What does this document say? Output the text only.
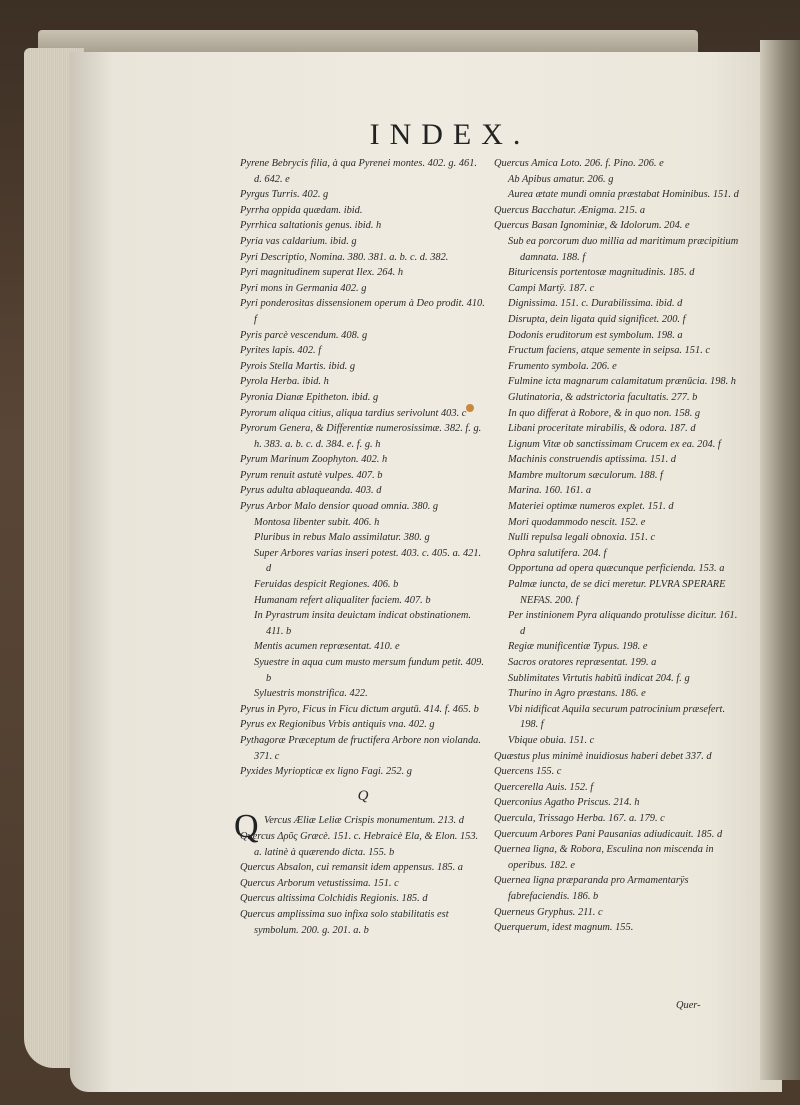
INDEX.
Pyrene Bebrycis filia, à qua Pyrenei montes. 402. g. 461. d. 642. e
Pyrgus Turris. 402. g
Pyrrha oppida quædam. ibid.
Pyrrhica saltationis genus. ibid. h
Pyria vas caldarium. ibid. g
Pyri Descriptio, Nomina. 380. 381. a. b. c. d. 382.
Pyri magnitudinem superat Ilex. 264. h
Pyri mons in Germania 402. g
Pyri ponderositas dissensionem operum à Deo prodit. 410. f
Pyris parcè vescendum. 408. g
Pyrites lapis. 402. f
Pyrois Stella Martis. ibid. g
Pyrola Herba. ibid. h
Pyronia Dianæ Epitheton. ibid. g
Pyrorum aliqua citius, aliqua tardius serivolunt 403. c
Pyrorum Genera, & Differentiæ numerosissimæ. 382. f. g. h. 383. a. b. c. d. 384. e. f. g. h
Pyrum Marinum Zoophyton. 402. h
Pyrum renuit astutè vulpes. 407. b
Pyrus adulta ablaqueanda. 403. d
Pyrus Arbor Malo densior quoad omnia. 380. g
Montosa libenter subit. 406. h
Pluribus in rebus Malo assimilatur. 380. g
Super Arbores varias inseri potest. 403. c. 405. a. 421. d
Feruidas despicit Regiones. 406. b
Humanam refert aliqualiter faciem. 407. b
In Pyrastrum insita deuictam indicat obstinationem. 411. b
Mentis acumen repræsentat. 410. e
Syuestre in aqua cum musto mersum fundum petit. 409. b
Syluestris monstrifica. 422.
Pyrus in Pyro, Ficus in Ficu dictum argutū. 414. f. 465. b
Pyrus ex Regionibus Vrbis antiquis vna. 402. g
Pythagoræ Præceptum de fructifera Arbore non violanda. 371. c
Pyxides Myriopticæ ex ligno Fagi. 252. g
Q
Q Vercus Æliæ Leliæ Crispis monumentum. 213. d
Quercus Δρῦς Græcè. 151. c. Hebraicè Ela, & Elon. 153. a. latinè à quærendo dicta. 155. b
Quercus Absalon, cui remansit idem appensus. 185. a
Quercus Arborum vetustissima. 151. c
Quercus altissima Colchidis Regionis. 185. d
Quercus amplissima suo infixa solo stabilitatis est symbolum. 200. g. 201. a. b
Quercus Amica Loto. 206. f. Pino. 206. e
Ab Apibus amatur. 206. g
Aurea ætate mundi omnia præstabat Hominibus. 151. d
Quercus Bacchatur. Ænigma. 215. a
Quercus Basan Ignominiæ, & Idolorum. 204. e
Sub ea porcorum duo millia ad maritimum præcipitium damnata. 188. f
Bituricensis portentosæ magnitudinis. 185. d
Campi Martÿ. 187. c
Dignissima. 151. c. Durabilissima. ibid. d
Disrupta, dein ligata quid significet. 200. f
Dodonis eruditorum est symbolum. 198. a
Fructum faciens, atque semente in seipsa. 151. c
Frumento symbola. 206. e
Fulmine icta magnarum calamitatum prænūcia. 198. h
Glutinatoria, & adstrictoria facultatis. 277. b
In quo differat à Robore, & in quo non. 158. g
Libani proceritate mirabilis, & odora. 187. d
Lignum Vitæ ob sanctissimam Crucem ex ea. 204. f
Machinis construendis aptissima. 151. d
Mambre multorum sæculorum. 188. f
Marina. 160. 161. a
Materiei optimæ numeros explet. 151. d
Mori quodammodo nescit. 152. e
Nulli repulsa legali obnoxia. 151. c
Ophra salutifera. 204. f
Opportuna ad opera quæcunque perficienda. 153. a
Palmæ iuncta, de se dici meretur. PLVRA SPERARE NEFAS. 200. f
Per instinionem Pyra aliquando protulisse dicitur. 161. d
Regiæ munificentiæ Typus. 198. e
Sacros oratores repræsentat. 199. a
Sublimitates Virtutis habitū indicat 204. f. g
Thurino in Agro præstans. 186. e
Vbi nidificat Aquila securum patrocinium præsefert. 198. f
Vbique obuia. 151. c
Quæstus plus minimè inuidiosus haberi debet 337. d
Quercens 155. c
Quercerella Auis. 152. f
Querconius Agatho Priscus. 214. h
Quercula, Trissago Herba. 167. a. 179. c
Quercuum Arbores Pani Pausanias adiudicauit. 185. d
Quernea ligna, & Robora, Esculina non miscenda in operibus. 182. e
Quernea ligna præparanda pro Armamentarÿs fabrefaciendis. 186. b
Querneus Gryphus. 211. c
Querquerum, idest magnum. 155.
Quer-
